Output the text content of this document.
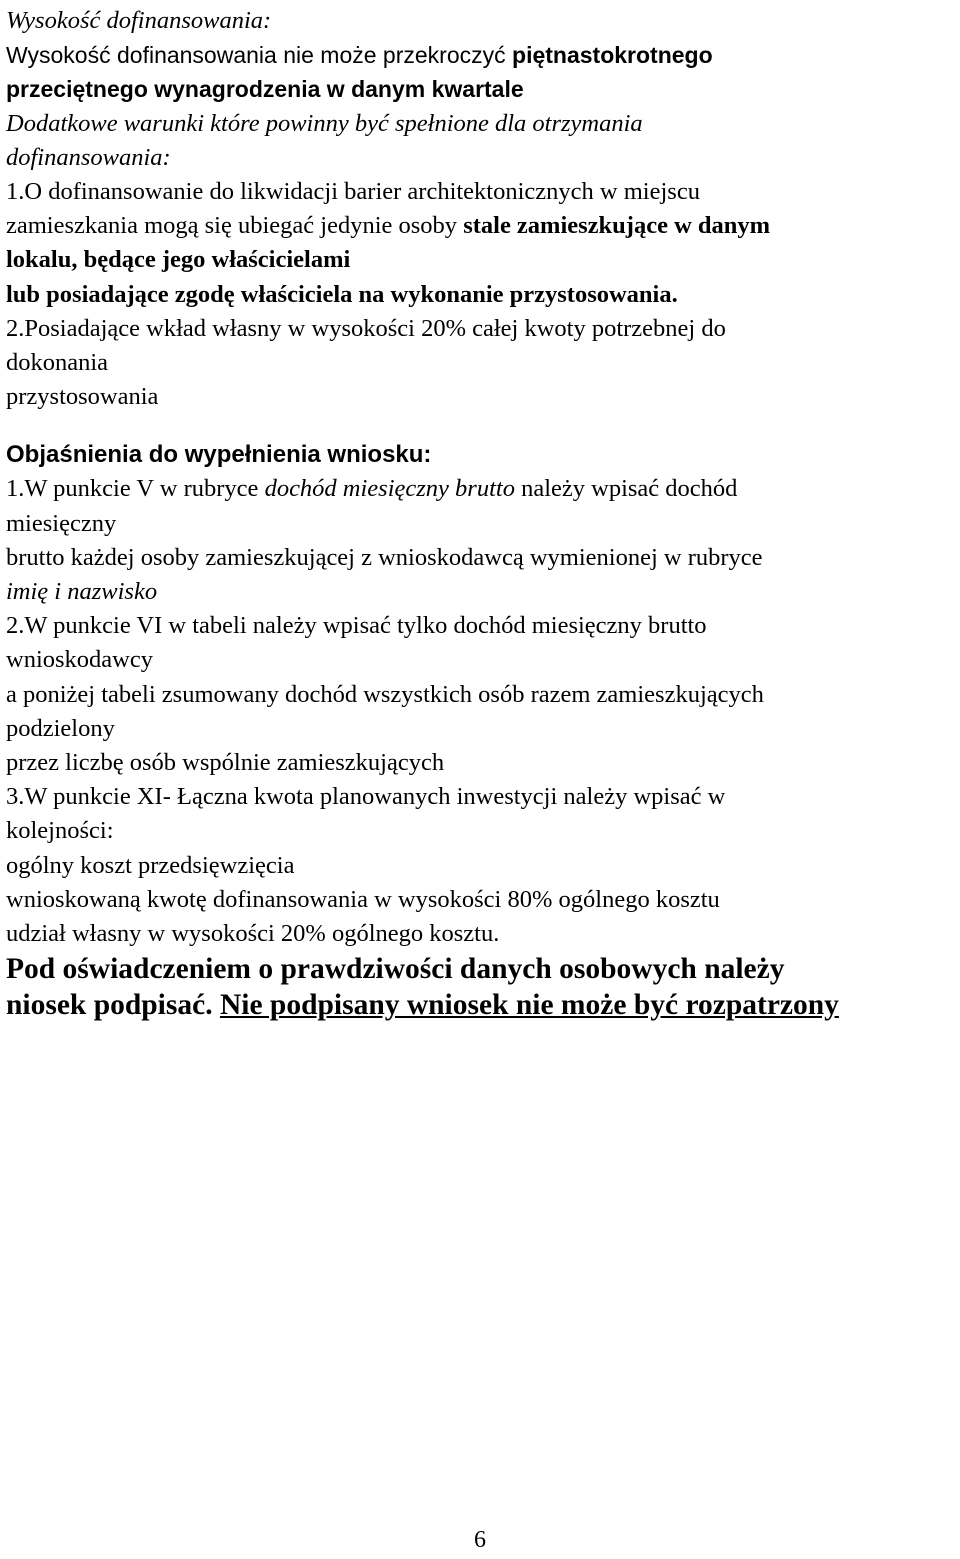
Wysokość dofinansowania:
Wysokość dofinansowania nie może przekroczyć piętnastokrotnego
przeciętnego wynagrodzenia w danym kwartale
Dodatkowe warunki które powinny być spełnione dla otrzymania
dofinansowania:
1.O dofinansowanie do likwidacji barier architektonicznych w miejscu
zamieszkania mogą się ubiegać jedynie osoby stale zamieszkujące w danym
lokalu, będące jego właścicielami
lub posiadające zgodę właściciela na wykonanie przystosowania.
2.Posiadające wkład własny w wysokości 20% całej kwoty potrzebnej do
dokonania
przystosowania
Objaśnienia do wypełnienia wniosku:
1.W punkcie V w rubryce dochód miesięczny brutto należy wpisać dochód
miesięczny
brutto każdej osoby zamieszkującej z wnioskodawcą wymienionej w rubryce
imię i nazwisko
2.W punkcie VI w tabeli należy wpisać tylko dochód miesięczny brutto
wnioskodawcy
a poniżej tabeli zsumowany dochód wszystkich osób razem zamieszkujących
podzielony
przez liczbę osób wspólnie zamieszkujących
3.W punkcie XI- Łączna kwota planowanych inwestycji należy wpisać w
kolejności:
ogólny koszt przedsięwzięcia
wnioskowaną kwotę dofinansowania w wysokości 80% ogólnego kosztu
udział własny w wysokości 20% ogólnego kosztu.
Pod oświadczeniem o prawdziwości danych osobowych należy
niosek podpisać. Nie podpisany wniosek nie może być rozpatrzony
6
